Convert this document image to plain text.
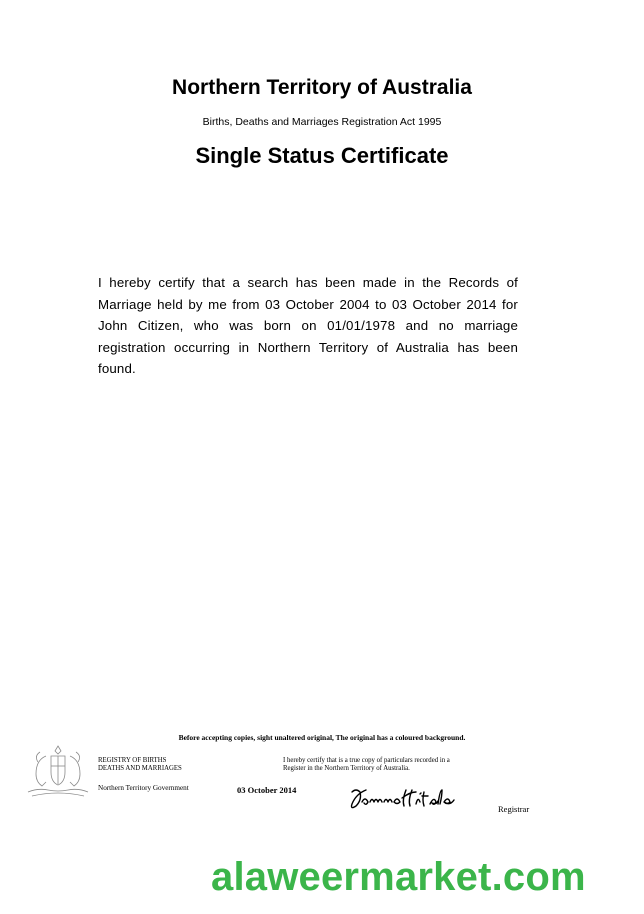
Northern Territory of Australia
Births, Deaths and Marriages Registration Act 1995
Single Status Certificate
I hereby certify that a search has been made in the Records of Marriage held by me from 03 October 2004 to 03 October 2014 for John Citizen, who was born on 01/01/1978 and no marriage registration occurring in Northern Territory of Australia has been found.
Before accepting copies, sight unaltered original, The original has a coloured background.
REGISTRY OF BIRTHS
DEATHS AND MARRIAGES
Northern Territory Government
I hereby certify that is a true copy of particulars recorded in a
Register in the Northern Territory of Australia.
03 October 2014
Registrar
alaweermarket.com
